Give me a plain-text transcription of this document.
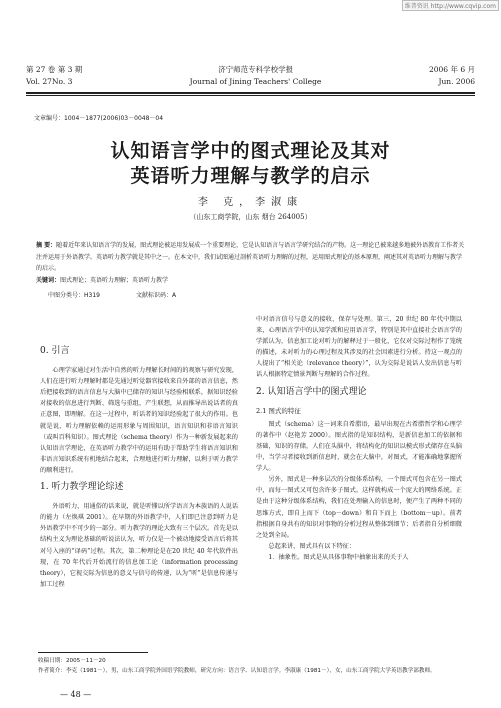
维普资讯 http://www.cqvip.com
第 27 卷 第 3 期	济宁师范专科学校学报	2006 年 6 月
Vol. 27No. 3	Journal of Jining Teachers' College	Jun. 2006
文章编号：1004－1877(2006)03－0048－04
认知语言学中的图式理论及其对
英语听力理解与教学的启示
李 克，李淑康
（山东工商学院，山东 烟台 264005）
摘 要：随着近年来认知语言学的发展，图式理论被运用发展成一个重要理论，它是认知语言与语言学研究结合的产物。这一理论已被来越多地被外语教育工作者关注并运用于外语教学。英语听力教学就是其中之一。在本文中，我们试图通过剖析英语听力理解的过程，运用图式理论的基本原理，阐述其对英语听力理解与教学的启示。
关键词：图式理论；英语听力理解；英语听力教学
中图分类号：H319	文献标识码：A
0. 引言

心理学家通过对生活中自然的听力理解长时间的的观察与研究发现，人们在进行听力理解时都是先通过听觉器官接收来自外部的语言信息，然后把接收到的语言信息与大脑中已储存的知识与经验相联系，据知识经验对接收的信息进行判断、筛选与重组，产生联想，从而推导出说话者的真正意图，即理解。在这一过程中，听话者的知识经验起了很大的作用。也就是说，听力理解依赖的运用形象与周围知识，语言知识和非语言知识（或叫百科知识）。图式理论（schema theory）作为一种新发展起来的认知语言学理论，在英语听力教学中的运用有助于帮助学生将语言知识和非语言知识系统有机地结合起来，合理地进行听力理解，以利于听力教学的顺利进行。

1. 听力教学理论综述

外语听力，用通俗的话来说，就是听懂以所学语言为本族语的人说话的能力（左焕琪 2001）。在早期的外语教学中，人们即已注意到听力是外语教学中不可少的一部分。听力教学的理论大致有三个层次。首先是以结构主义为理论基础的听说法认为，听力仅是一个被动地接受语言后将其对号入座的“译码”过程。其次，第二种理论是在20 世纪 40 年代软件出现，在 70 年代后开始流行的信息加工论（information processing theory），它视交际为信息的意义与信号的传递，认为“听”是信息传递与加工过程

中对语言信号与意义的接收、保存与处理。第三，20 世纪 80 年代中期以来，心理语言学中的认知学派和应用语言学，特别是其中直接社会语言学的学派认为，信息加工论对听力的解释过于一般化，它仅对交际过程作了笼统的描述，未对听力的心理过程及其涉及的社会因素进行分析。持这一观点的人提出了“相关论（relevance theory）”，认为交际是说话人发出信息与听话人根据特定情景判断与理解的合作过程。

2. 认知语言学中的图式理论
2.1 图式的特征

图式（schema）这一词来自希腊语，最早出现在古希腊哲学和心理学的著作中（赵艳芳 2000）。图式指的是知识结构，是新信息加工的依据和基础，知识的存储，人们在头脑中，将结构化的知识以模式形式储存在头脑中，当学习者接收到新信息时，就会在大脑中，对图式，才能准确地掌握所学人。

另外，图式是一种多层次的分级体系结构，一个图式可包含在另一图式中，而每一图式又可包含许多子图式。这样就构成一个庞大的网络系统。正是由于这种分级体系结构，我们在处理输入的信息时，便产生了两种不同的思维方式，即自上而下（top－down）和自下而上（bottom－up）。前者指根据自身共有的知识对事物的分析过程从整体到细节；后者指自分析细微之处到全局。

总起来讲，图式具有以下特征：

1．抽象性。图式是从具体事物中抽象出来的关于人

收稿日期：2005－11－20
作者简介：李克（1981－），男，山东工商学院外国语学院教师，研究方向：语言学、认知语言学。李淑康（1981－），女，山东工商学院大学英语教学部教师。
— 48 —
